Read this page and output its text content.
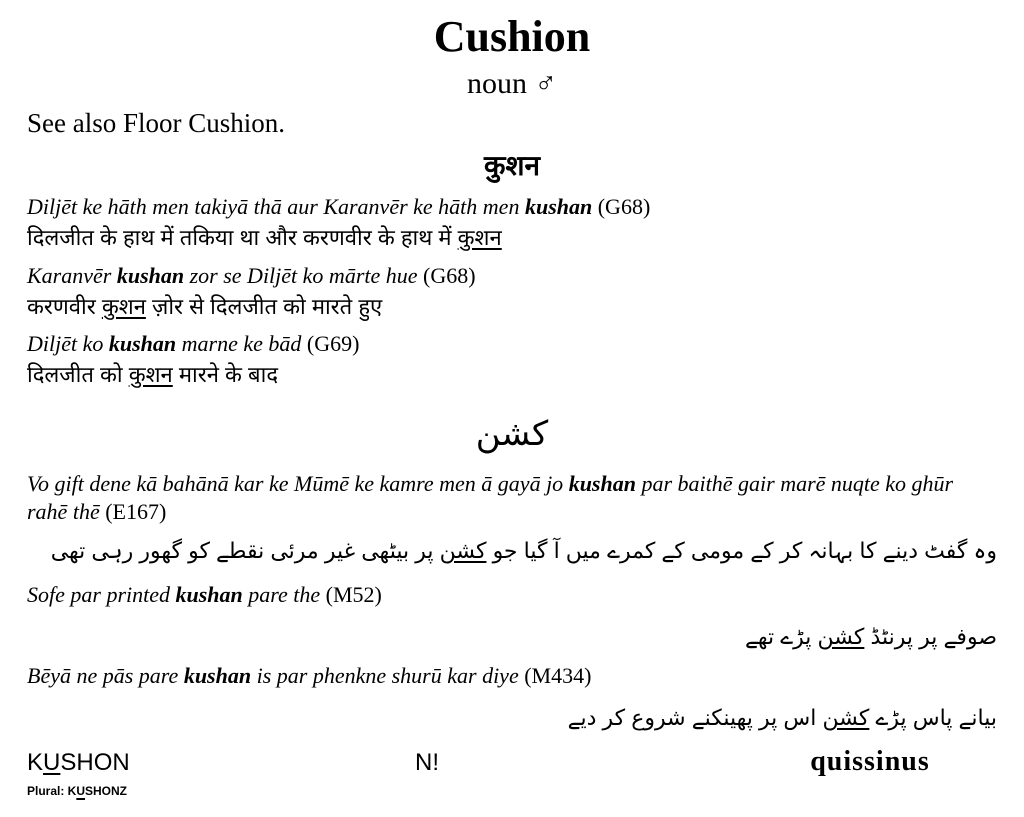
Cushion
noun ♂
See also Floor Cushion.
कुशन
Diljēt ke hāth men takiyā thā aur Karanvēr ke hāth men kushan (G68)
दिलजीत के हाथ में तकिया था और करणवीर के हाथ में कुशन
Karanvēr kushan zor se Diljēt ko mārte hue (G68)
करणवीर कुशन ज़ोर से दिलजीत को मारते हुए
Diljēt ko kushan marne ke bād (G69)
दिलजीत को कुशन मारने के बाद
کشن
Vo gift dene kā bahānā kar ke Mūmē ke kamre men ā gayā jo kushan par baithē gair marē nuqte ko ghūr rahē thē (E167)
وہ گفٹ دینے کا بہانہ کر کے مومی کے کمرے میں آ گیا جو کشن پر بیٹھی غیر مرئی نقطے کو گھور رہی تھی
Sofe par printed kushan pare the (M52)
صوفے پر پرنٹڈ کشن پڑے تھے
Bēyā ne pās pare kushan is par phenkne shurū kar diye (M434)
بیانے پاس پڑے کشن اس پر پھینکنے شروع کر دیے
KUSHON	N!	quissinus
Plural: KUSHONZ
